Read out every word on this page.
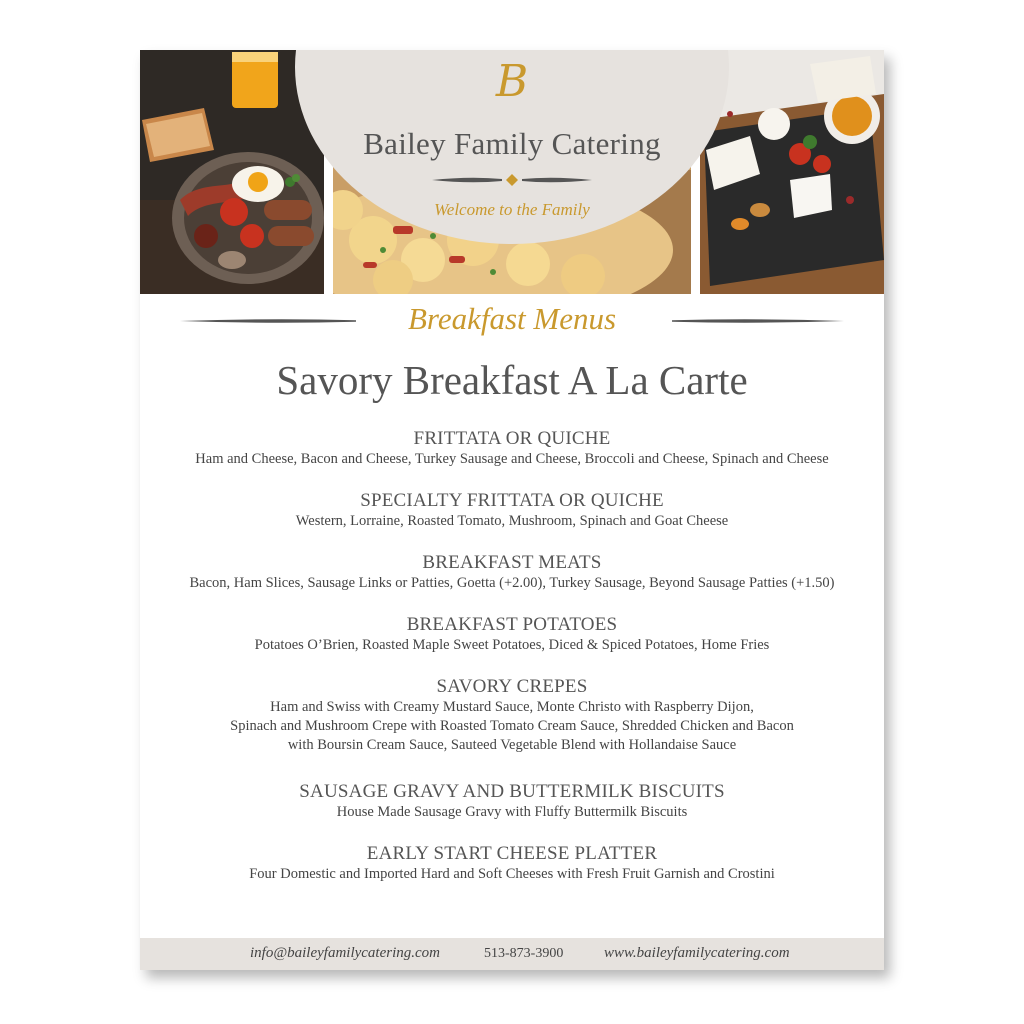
B
Bailey Family Catering
Welcome to the Family
Breakfast Menus
Savory Breakfast A La Carte
FRITTATA OR QUICHE
Ham and Cheese, Bacon and Cheese, Turkey Sausage and Cheese, Broccoli and Cheese, Spinach and Cheese
SPECIALTY FRITTATA OR QUICHE
Western, Lorraine, Roasted Tomato, Mushroom, Spinach and Goat Cheese
BREAKFAST MEATS
Bacon, Ham Slices, Sausage Links or Patties, Goetta (+2.00), Turkey Sausage, Beyond Sausage Patties (+1.50)
BREAKFAST POTATOES
Potatoes O’Brien, Roasted Maple Sweet Potatoes, Diced & Spiced Potatoes, Home Fries
SAVORY CREPES
Ham and Swiss with Creamy Mustard Sauce, Monte Christo with Raspberry Dijon,
Spinach and Mushroom Crepe with Roasted Tomato Cream Sauce, Shredded Chicken and Bacon
with Boursin Cream Sauce, Sauteed Vegetable Blend with Hollandaise Sauce
SAUSAGE GRAVY AND BUTTERMILK BISCUITS
House Made Sausage Gravy with Fluffy Buttermilk Biscuits
EARLY START CHEESE PLATTER
Four Domestic and Imported Hard and Soft Cheeses with Fresh Fruit Garnish and Crostini
info@baileyfamilycatering.com	513-873-3900	www.baileyfamilycatering.com
